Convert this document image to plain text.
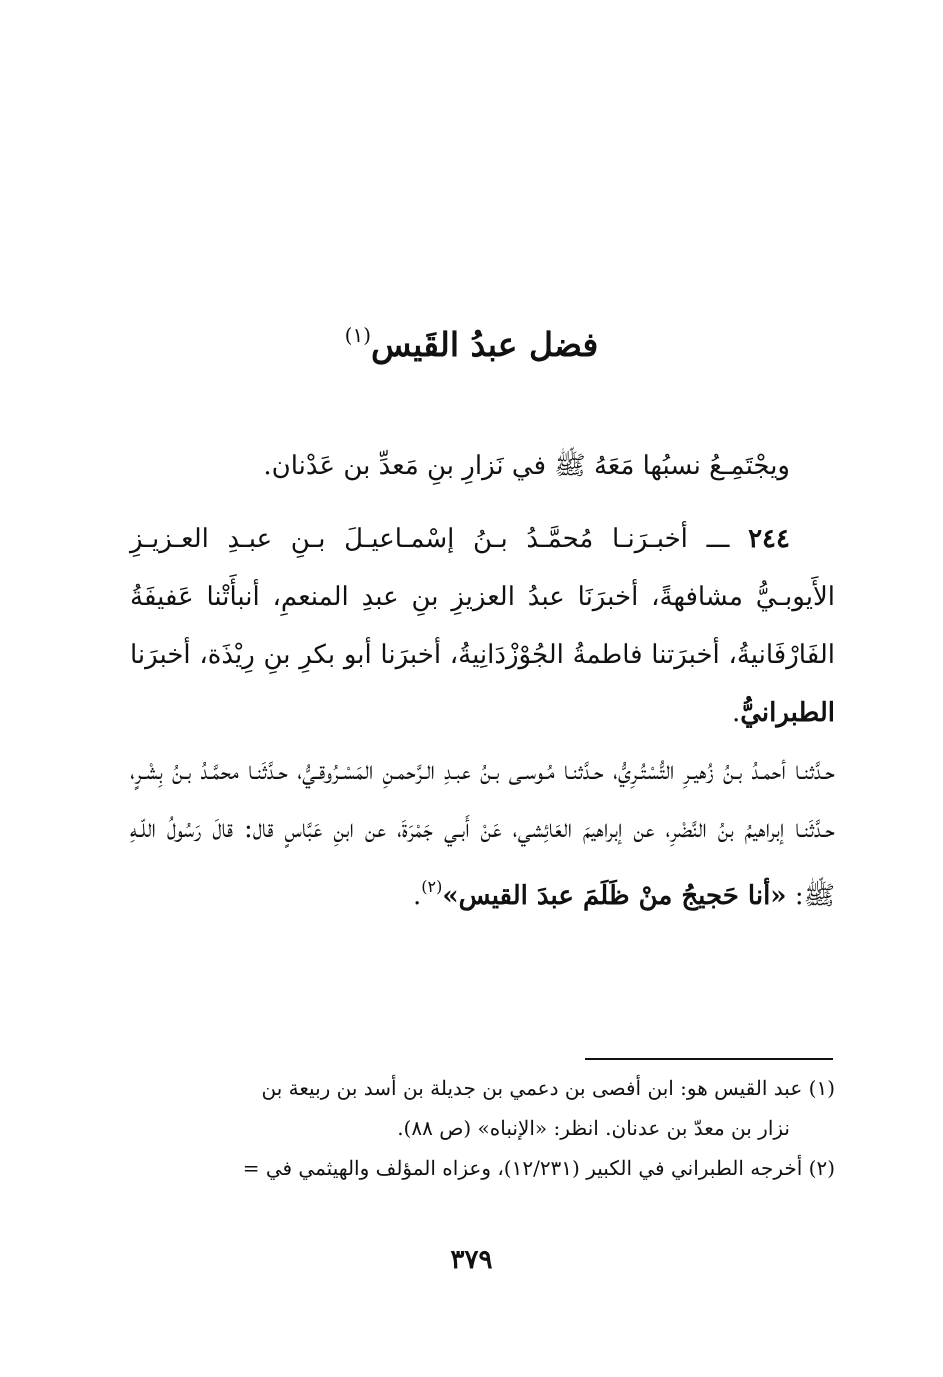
فضل عبدُ القَيس$^{(١)}$

ويجْتَمِـعُ نسبُها مَعَهُ ﷺ في نَزارِ بنِ مَعدِّ بن عَدْنان.

٢٤٤ ـــ أخبـرَنـا مُحمَّـدُ بـنُ إسْمـاعيـلَ بـنِ عبـدِ العـزيـزِ الأَيوبـيُّ مشافهةً، أخبرَنَا عبدُ العزيزِ بنِ عبدِ المنعمِ، أنبأَتْنا عَفيفَةُ الفَارْفَانيةُ، أخبرَتنا فاطمةُ الجُوْزْدَانِيةُ، أخبرَنا أبو بكرِ بنِ رِيْذَة، أخبرَنا الطبرانيُّ.

حـدَّثنـا أحمـدُ بـنُ زُهيـرِ التُّسْتُـرِيُّ، حـدَّثنـا مُـوسـى بـنُ عبـدِ الـرَّحمـنِ المَسْـرُوقـيُّ، حـدَّثَنـا محمَّـدُ بـنُ بِشْـرٍ، حـدَّثَنـا إبراهيمُ بنُ النَّضْرِ، عن إبراهيمَ العَائِشي، عَنْ أَبـي جَمْرَةَ، عن ابنِ عَبَّاسٍ قال: قالَ رَسُولُ اللّـهِ ﷺ: «أنا حَجيجُ منْ ظَلَمَ عبدَ القيس»$^{(٢)}$.

(١) عبد القيس هو: ابن أفصى بن دعمي بن جديلة بن أسد بن ربيعة بن
نزار بن معدّ بن عدنان. انظر: «الإنباه» (ص ٨٨).
(٢) أخرجه الطبراني في الكبير (١٢/٢٣١)، وعزاه المؤلف والهيثمي في =
٣٧٩
